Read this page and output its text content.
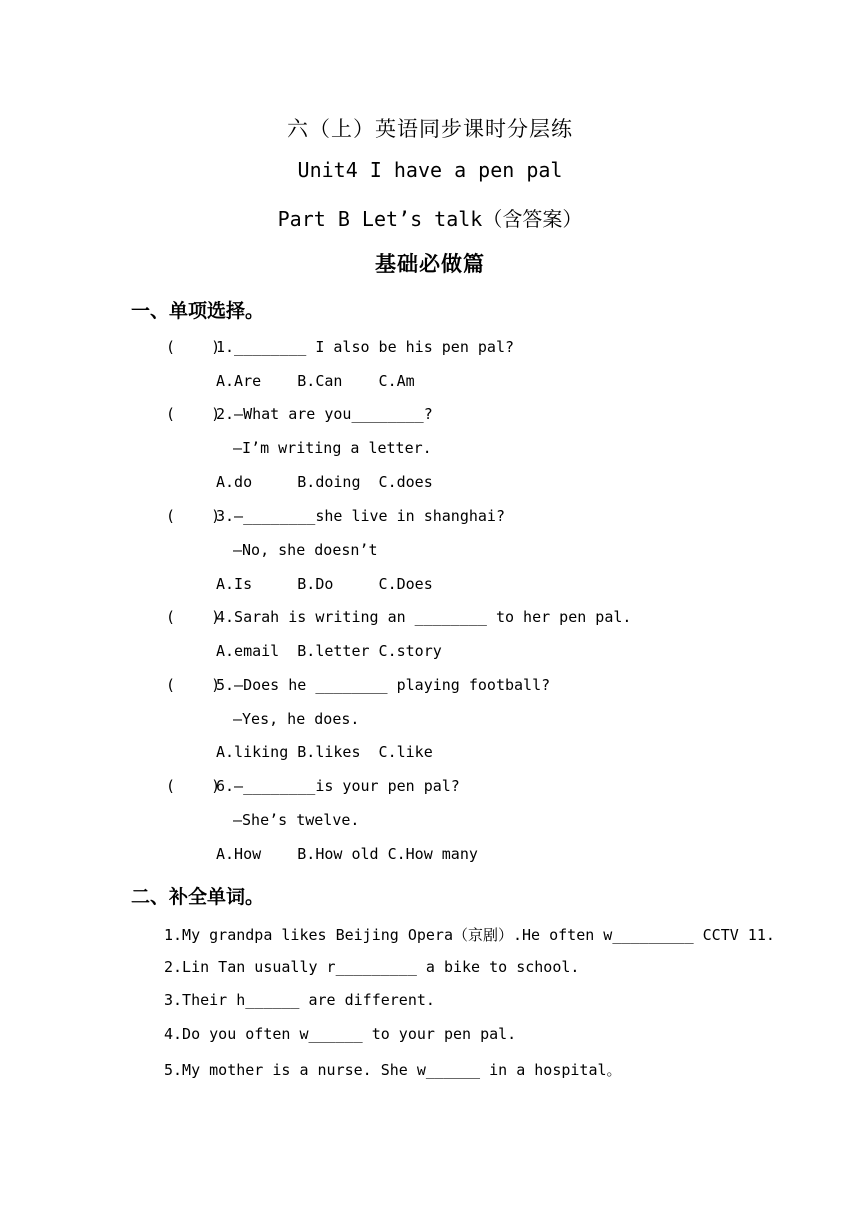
六（上）英语同步课时分层练
Unit4 I have a pen pal
Part B Let’s talk（含答案）
基础必做篇
一、单项选择。
(    )
1.________ I also be his pen pal?
A.Are    B.Can    C.Am
(    )
2.—What are you________?
—I’m writing a letter.
A.do     B.doing  C.does
(    )
3.—________she live in shanghai?
—No, she doesn’t
A.Is     B.Do     C.Does
(    )
4.Sarah is writing an ________ to her pen pal.
A.email  B.letter C.story
(    )
5.—Does he ________ playing football?
—Yes, he does.
A.liking B.likes  C.like
(    )
6.—________is your pen pal?
—She’s twelve.
A.How    B.How old C.How many
二、补全单词。
1.My grandpa likes Beijing Opera（京剧）.He often w_________ CCTV 11.
2.Lin Tan usually r_________ a bike to school.
3.Their h______ are different.
4.Do you often w______ to your pen pal.
5.My mother is a nurse. She w______ in a hospital。
